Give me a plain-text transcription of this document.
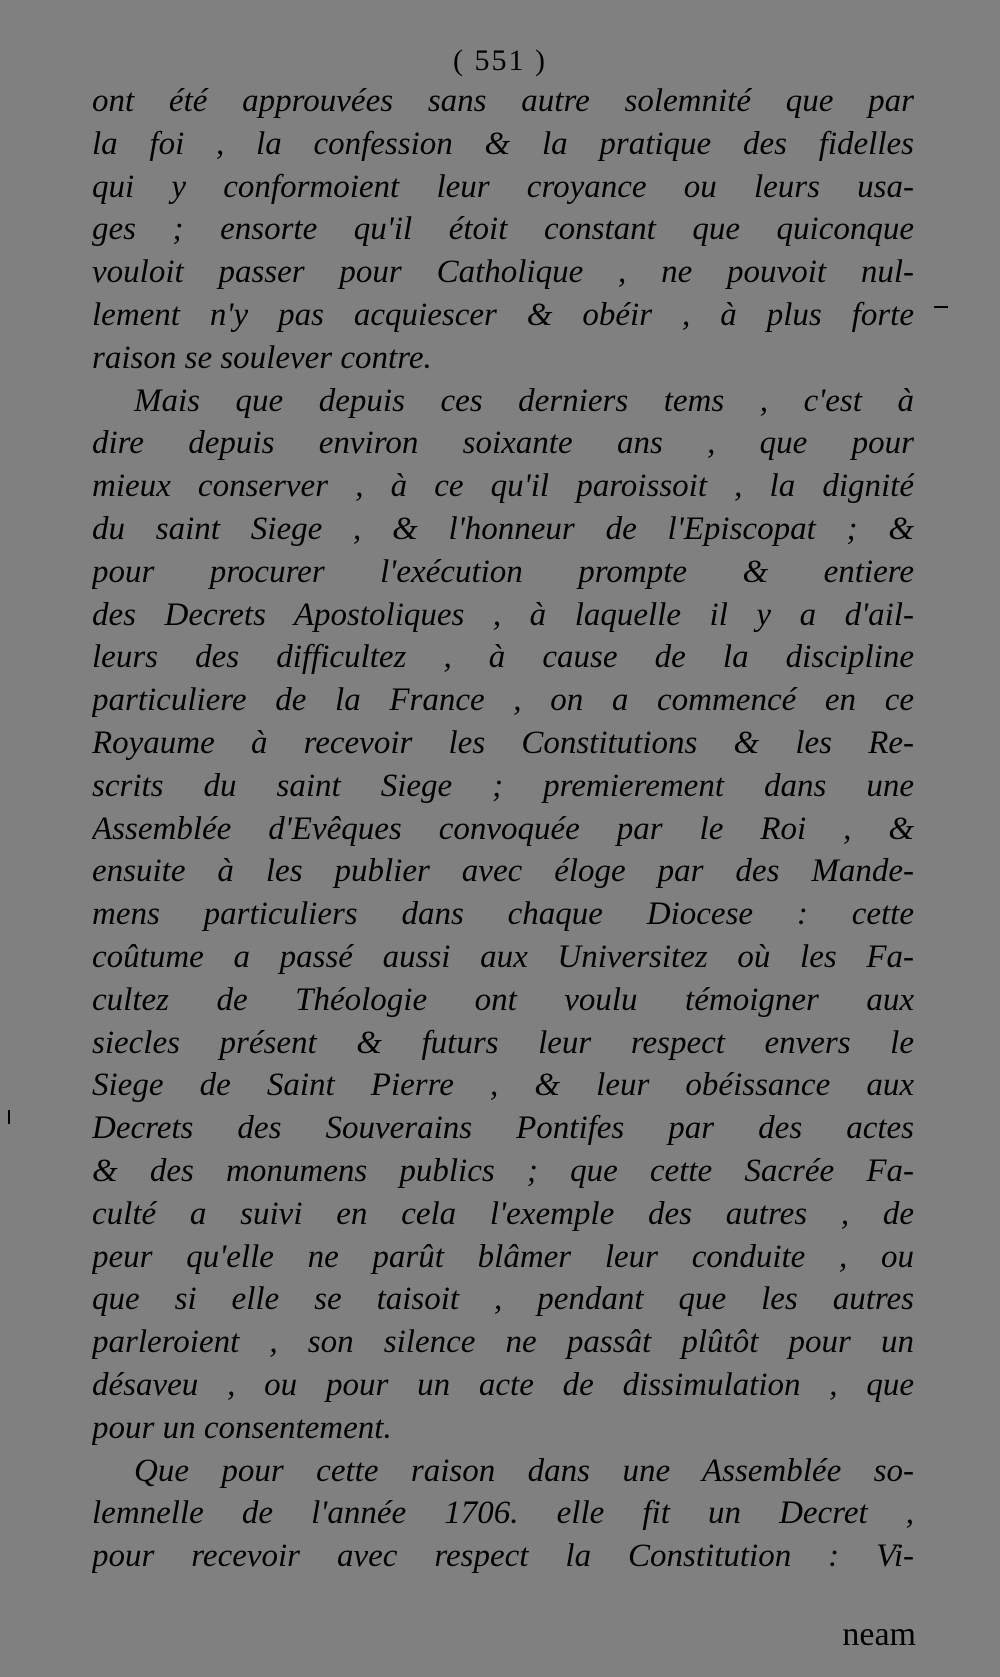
( 551 )
ont été approuvées sans autre solemnité que par
la foi , la confession & la pratique des fidelles
qui y conformoient leur croyance ou leurs usa-
ges ; ensorte qu'il étoit constant que quiconque
vouloit passer pour Catholique , ne pouvoit nul-
lement n'y pas acquiescer & obéir , à plus forte
raison se soulever contre.
Mais que depuis ces derniers tems , c'est à
dire depuis environ soixante ans , que pour
mieux conserver , à ce qu'il paroissoit , la dignité
du saint Siege , & l'honneur de l'Episcopat ; &
pour procurer l'exécution prompte & entiere
des Decrets Apostoliques , à laquelle il y a d'ail-
leurs des difficultez , à cause de la discipline
particuliere de la France , on a commencé en ce
Royaume à recevoir les Constitutions & les Re-
scrits du saint Siege ; premierement dans une
Assemblée d'Evêques convoquée par le Roi , &
ensuite à les publier avec éloge par des Mande-
mens particuliers dans chaque Diocese : cette
coûtume a passé aussi aux Universitez où les Fa-
cultez de Théologie ont voulu témoigner aux
siecles présent & futurs leur respect envers le
Siege de Saint Pierre , & leur obéissance aux
Decrets des Souverains Pontifes par des actes
& des monumens publics ; que cette Sacrée Fa-
culté a suivi en cela l'exemple des autres , de
peur qu'elle ne parût blâmer leur conduite , ou
que si elle se taisoit , pendant que les autres
parleroient , son silence ne passât plûtôt pour un
désaveu , ou pour un acte de dissimulation , que
pour un consentement.
Que pour cette raison dans une Assemblée so-
lemnelle de l'année 1706. elle fit un Decret ,
pour recevoir avec respect la Constitution : Vi-
neam
